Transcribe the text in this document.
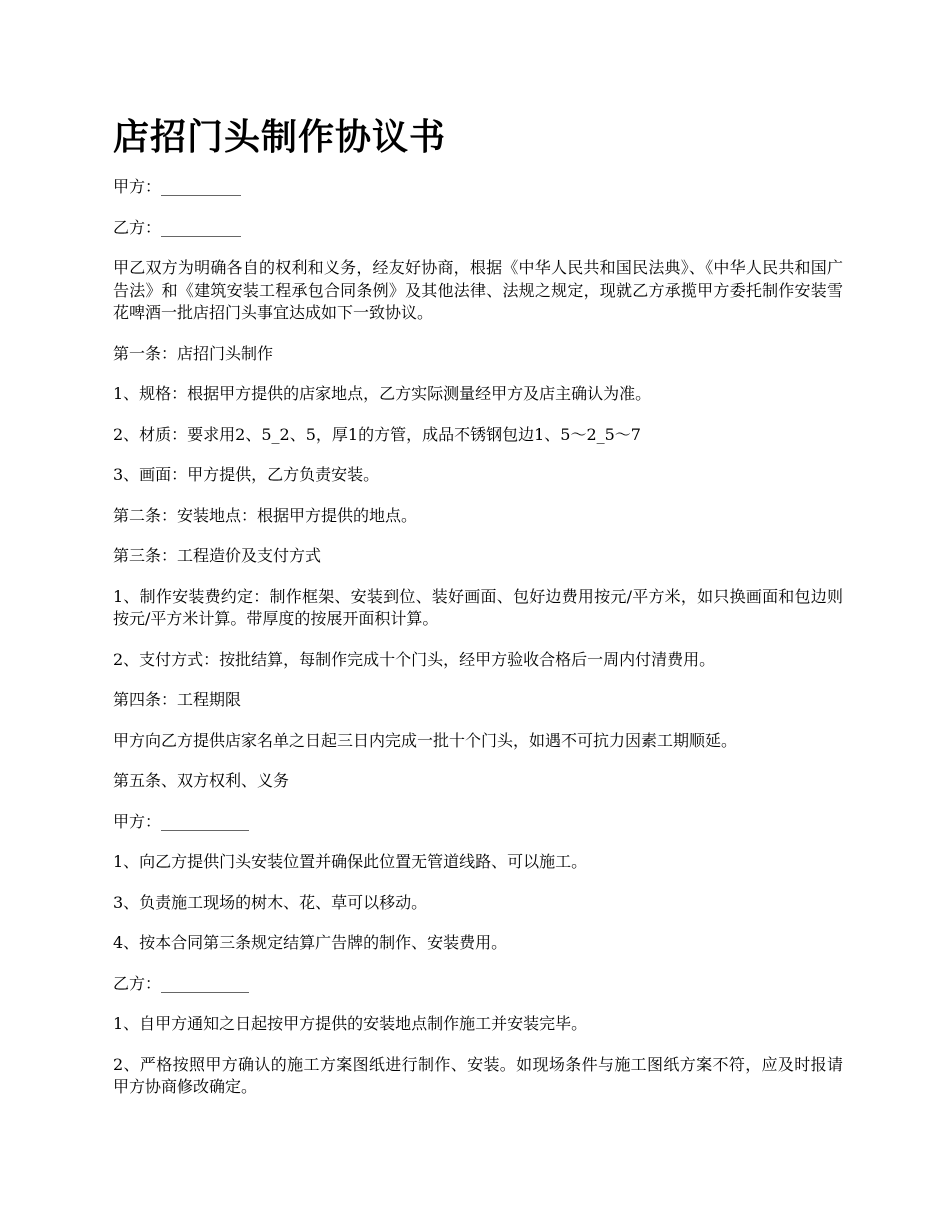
店招门头制作协议书

甲方：__________

乙方：__________

甲乙双方为明确各自的权利和义务，经友好协商，根据《中华人民共和国民法典》、《中华人民共和国广告法》和《建筑安装工程承包合同条例》及其他法律、法规之规定，现就乙方承揽甲方委托制作安装雪花啤酒一批店招门头事宜达成如下一致协议。

第一条：店招门头制作

1、规格：根据甲方提供的店家地点，乙方实际测量经甲方及店主确认为准。

2、材质：要求用2、5_2、5，厚1的方管，成品不锈钢包边1、5～2_5～7

3、画面：甲方提供，乙方负责安装。

第二条：安装地点：根据甲方提供的地点。

第三条：工程造价及支付方式

1、制作安装费约定：制作框架、安装到位、装好画面、包好边费用按元/平方米，如只换画面和包边则按元/平方米计算。带厚度的按展开面积计算。

2、支付方式：按批结算，每制作完成十个门头，经甲方验收合格后一周内付清费用。

第四条：工程期限

甲方向乙方提供店家名单之日起三日内完成一批十个门头，如遇不可抗力因素工期顺延。

第五条、双方权利、义务

甲方：___________

1、向乙方提供门头安装位置并确保此位置无管道线路、可以施工。

3、负责施工现场的树木、花、草可以移动。

4、按本合同第三条规定结算广告牌的制作、安装费用。

乙方：___________

1、自甲方通知之日起按甲方提供的安装地点制作施工并安装完毕。

2、严格按照甲方确认的施工方案图纸进行制作、安装。如现场条件与施工图纸方案不符，应及时报请甲方协商修改确定。
